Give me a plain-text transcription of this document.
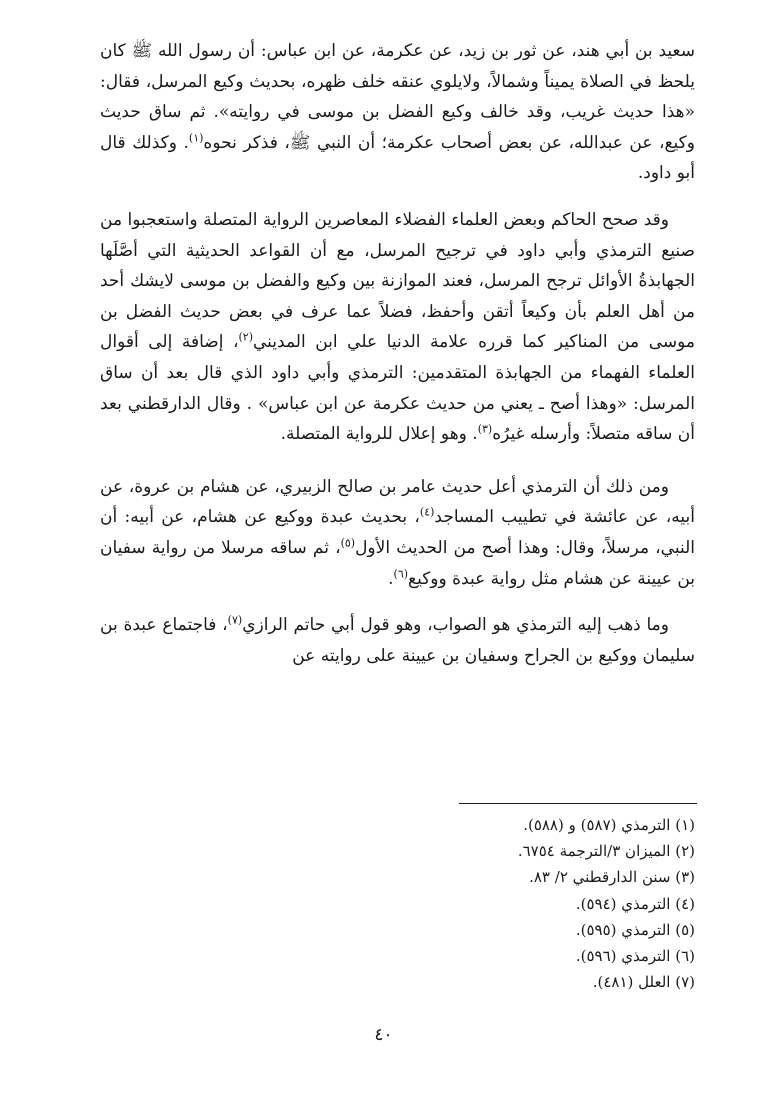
سعيد بن أبي هند، عن ثور بن زيد، عن عكرمة، عن ابن عباس: أن رسول الله ﷺ كان يلحظ في الصلاة يميناً وشمالاً، ولايلوي عنقه خلف ظهره، بحديث وكيع المرسل، فقال: «هذا حديث غريب، وقد خالف وكيع الفضل بن موسى في روايته». ثم ساق حديث وكيع، عن عبدالله، عن بعض أصحاب عكرمة؛ أن النبي ﷺ، فذكر نحوه$^{(١)}$. وكذلك قال أبو داود.

وقد صحح الحاكم وبعض العلماء الفضلاء المعاصرين الرواية المتصلة واستعجبوا من صنيع الترمذي وأبي داود في ترجيح المرسل، مع أن القواعد الحديثية التي أصَّلَها الجهابذةُ الأوائل ترجح المرسل، فعند الموازنة بين وكيع والفضل بن موسى لايشك أحد من أهل العلم بأن وكيعاً أتقن وأحفظ، فضلاً عما عرف في بعض حديث الفضل بن موسى من المناكير كما قرره علامة الدنيا علي ابن المديني$^{(٢)}$، إضافة إلى أقوال العلماء الفهماء من الجهابذة المتقدمين: الترمذي وأبي داود الذي قال بعد أن ساق المرسل: «وهذا أصح ـ يعني من حديث عكرمة عن ابن عباس» . وقال الدارقطني بعد أن ساقه متصلاً: وأرسله غيرُه$^{(٣)}$. وهو إعلال للرواية المتصلة.

ومن ذلك أن الترمذي أعل حديث عامر بن صالح الزبيري، عن هشام بن عروة، عن أبيه، عن عائشة في تطييب المساجد$^{(٤)}$، بحديث عبدة ووكيع عن هشام، عن أبيه: أن النبي، مرسلاً، وقال: وهذا أصح من الحديث الأول$^{(٥)}$، ثم ساقه مرسلا من رواية سفيان بن عيينة عن هشام مثل رواية عبدة ووكيع$^{(٦)}$.

وما ذهب إليه الترمذي هو الصواب، وهو قول أبي حاتم الرازي$^{(٧)}$، فاجتماع عبدة بن سليمان ووكيع بن الجراح وسفيان بن عيينة على روايته عن

(١) الترمذي (٥٨٧) و (٥٨٨).
(٢) الميزان ٣/الترجمة ٦٧٥٤.
(٣) سنن الدارقطني ٢/ ٨٣.
(٤) الترمذي (٥٩٤).
(٥) الترمذي (٥٩٥).
(٦) الترمذي (٥٩٦).
(٧) العلل (٤٨١).
٤٠
